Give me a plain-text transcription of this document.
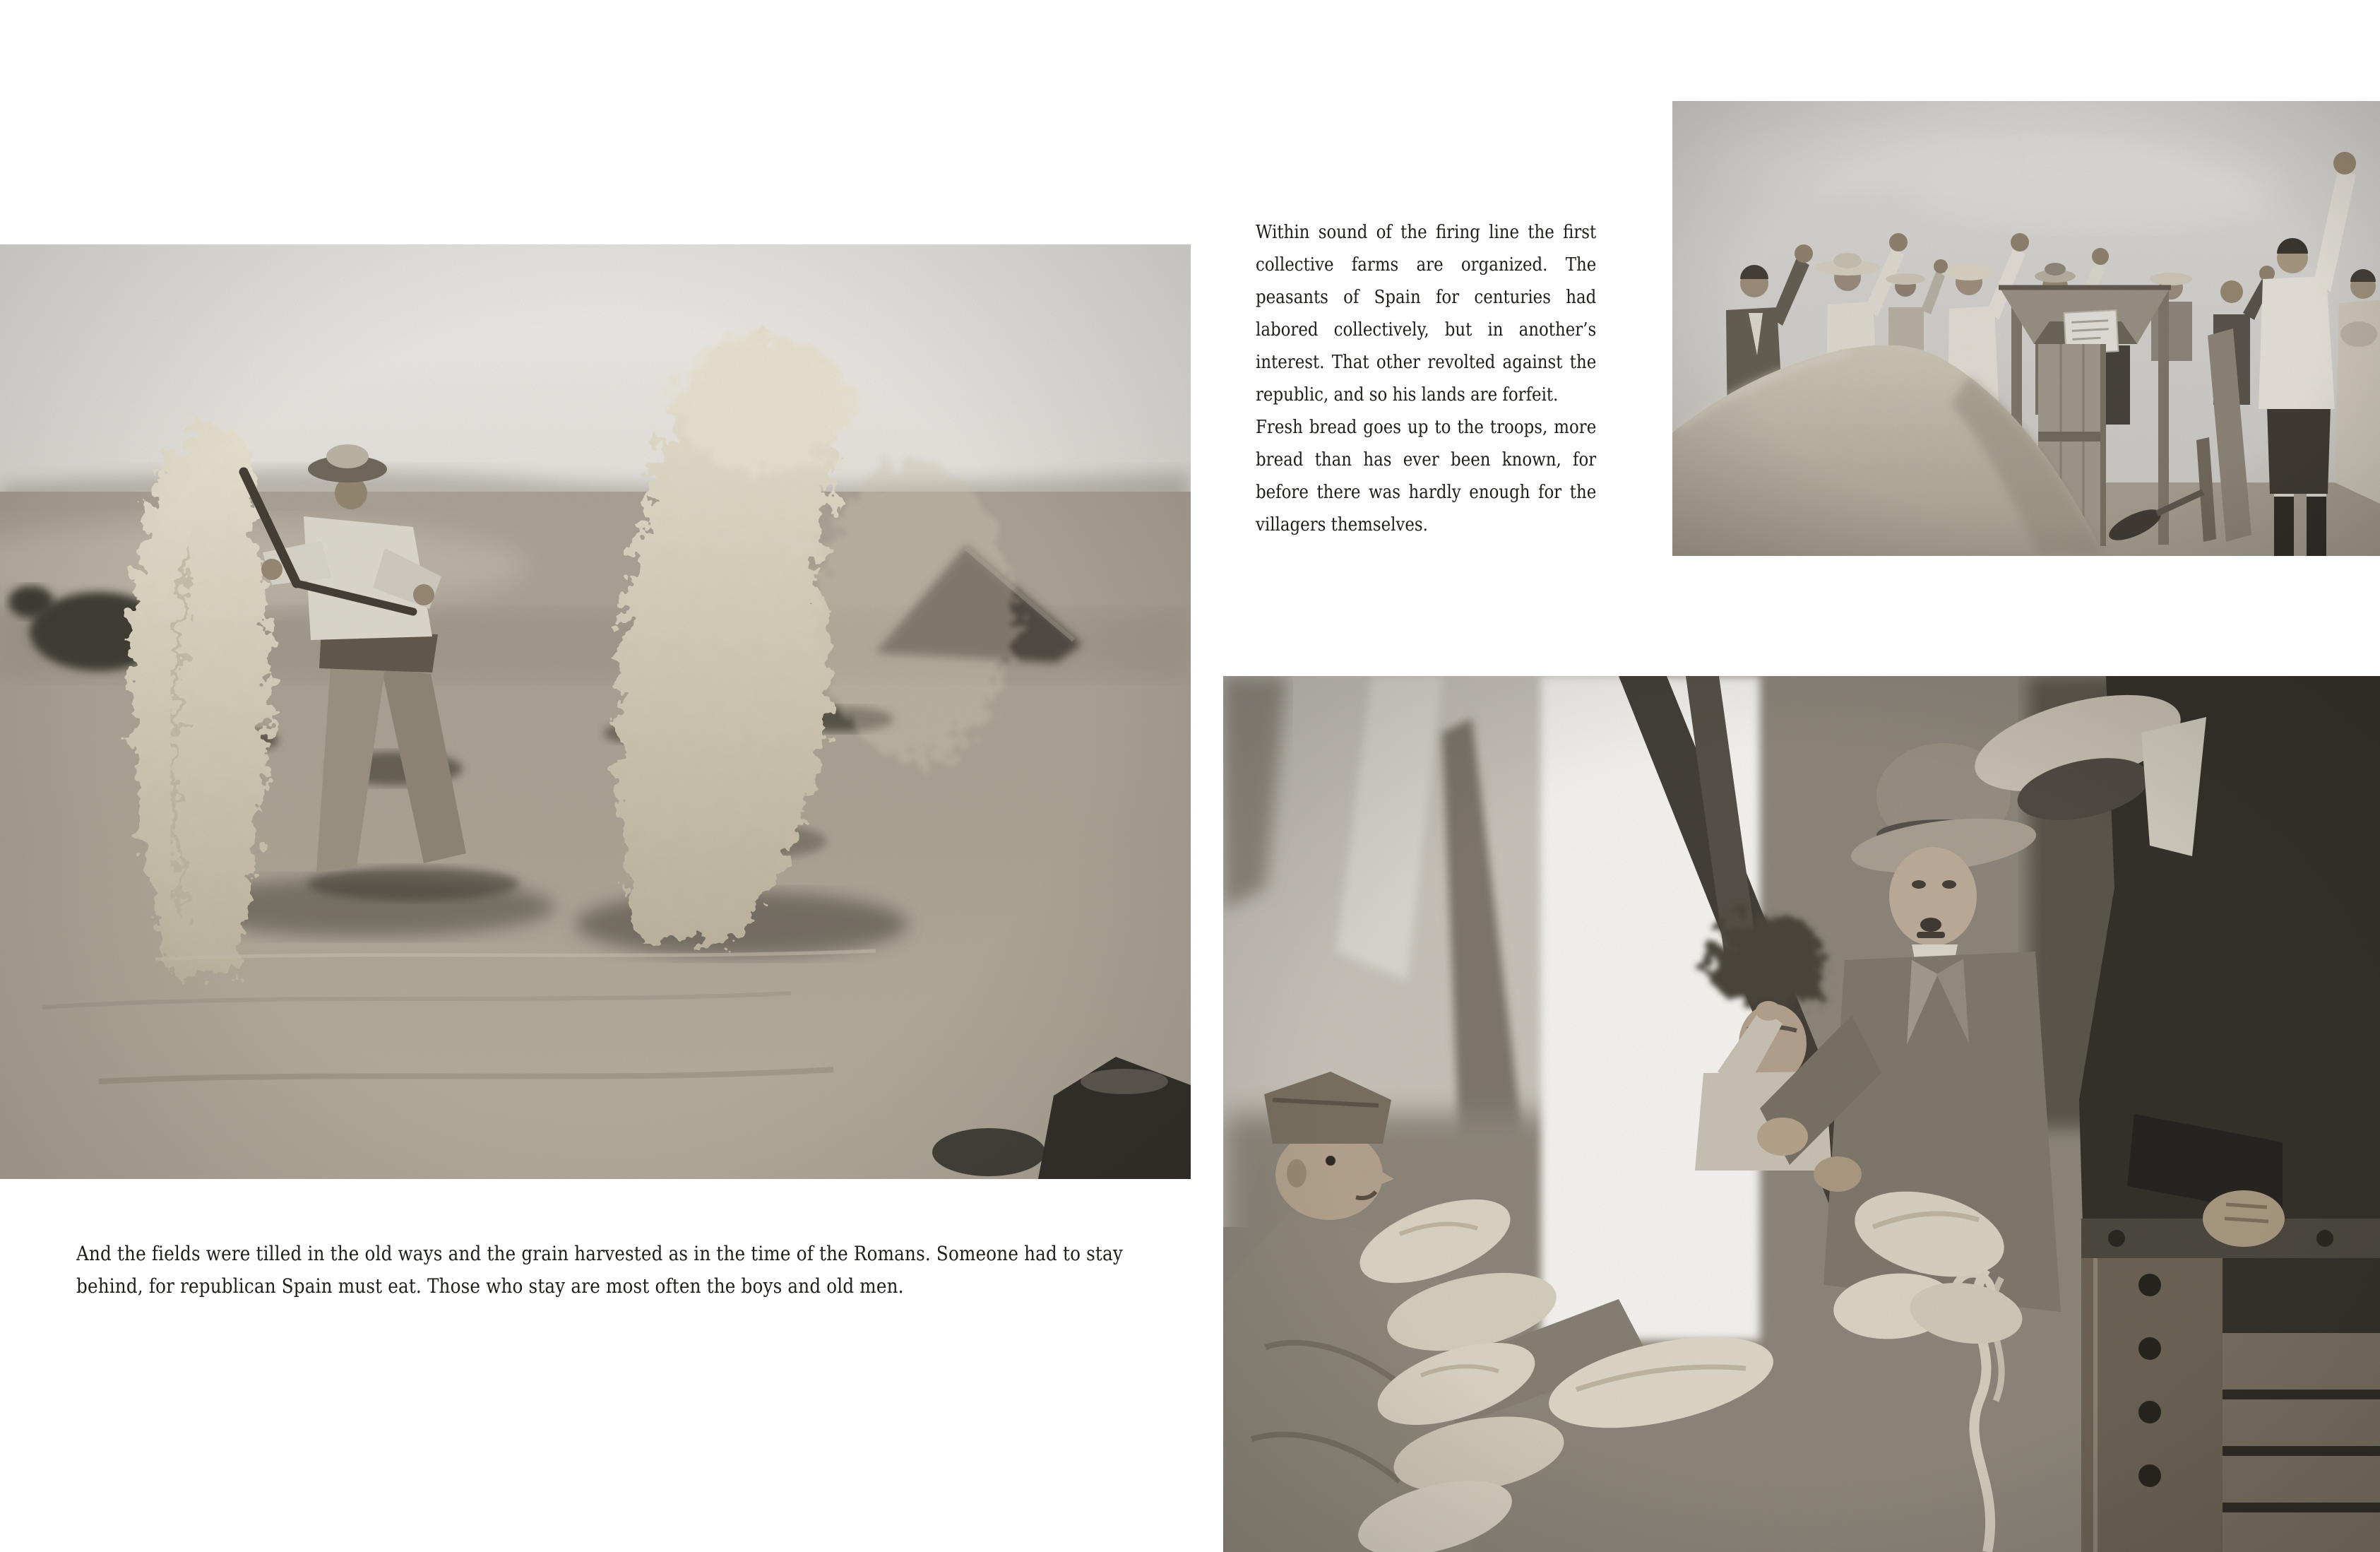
And the fields were tilled in the old ways and the grain harvested as in the time of the Romans. Someone had to stay behind, for republican Spain must eat. Those who stay are most often the boys and old men.

Within sound of the firing line the first collective farms are organized. The peasants of Spain for centuries had labored collectively, but in another’s interest. That other revolted against the republic, and so his lands are forfeit.

Fresh bread goes up to the troops, more bread than has ever been known, for before there was hardly enough for the villagers themselves.
